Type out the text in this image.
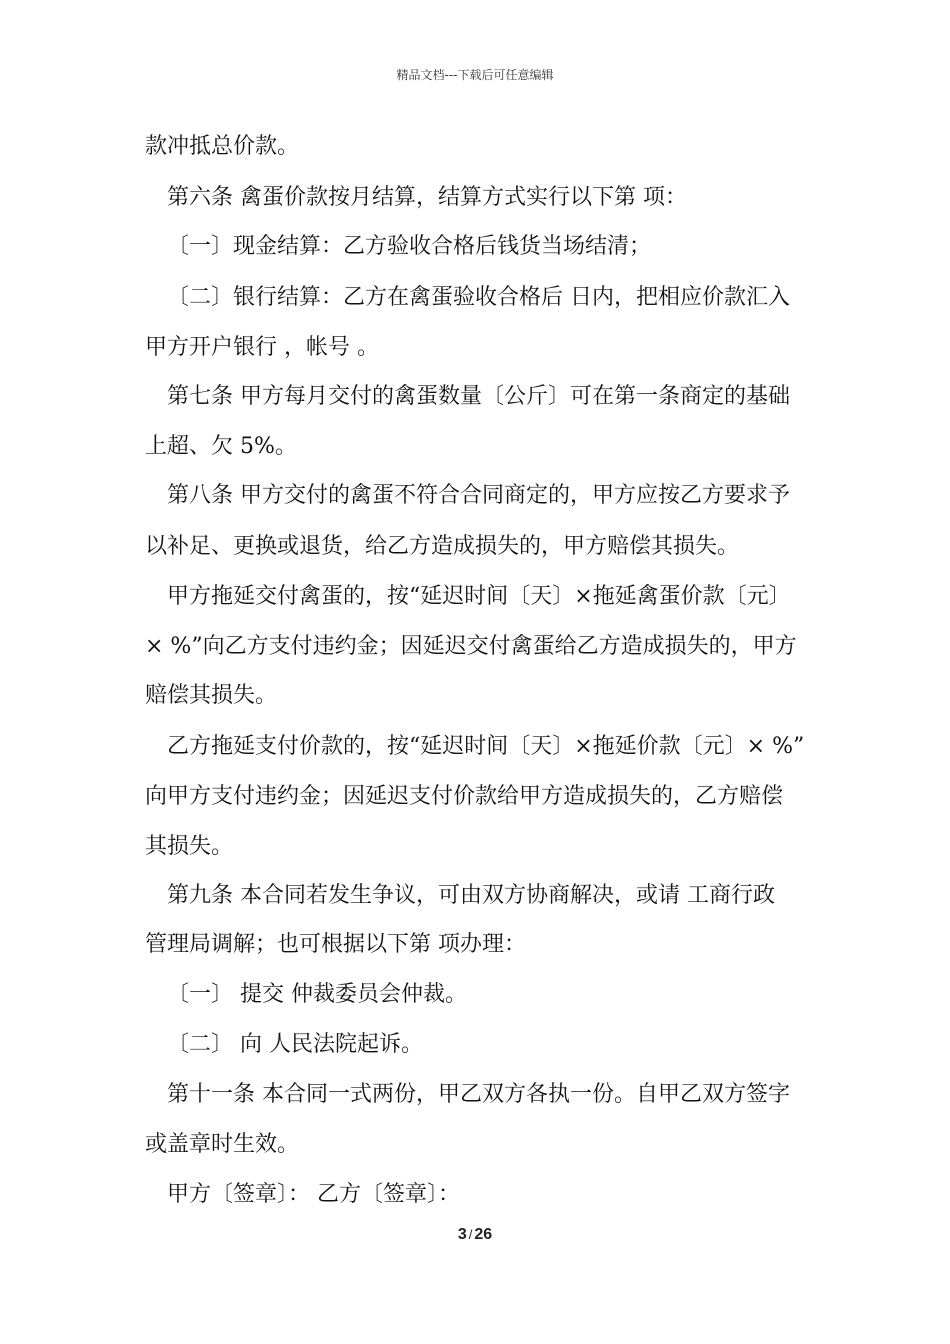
精品文档---下载后可任意编辑
款冲抵总价款。
第六条 禽蛋价款按月结算，结算方式实行以下第 项：
〔一〕现金结算：乙方验收合格后钱货当场结清；
〔二〕银行结算：乙方在禽蛋验收合格后 日内，把相应价款汇入
甲方开户银行 ，帐号 。
第七条 甲方每月交付的禽蛋数量〔公斤〕可在第一条商定的基础
上超、欠 5%。
第八条 甲方交付的禽蛋不符合合同商定的，甲方应按乙方要求予
以补足、更换或退货，给乙方造成损失的，甲方赔偿其损失。
甲方拖延交付禽蛋的，按“延迟时间〔天〕×拖延禽蛋价款〔元〕
× %”向乙方支付违约金；因延迟交付禽蛋给乙方造成损失的，甲方
赔偿其损失。
乙方拖延支付价款的，按“延迟时间〔天〕×拖延价款〔元〕× %”
向甲方支付违约金；因延迟支付价款给甲方造成损失的，乙方赔偿
其损失。
第九条 本合同若发生争议，可由双方协商解决，或请 工商行政
管理局调解；也可根据以下第 项办理：
〔一〕 提交 仲裁委员会仲裁。
〔二〕 向 人民法院起诉。
第十一条 本合同一式两份，甲乙双方各执一份。自甲乙双方签字
或盖章时生效。
甲方〔签章〕： 乙方〔签章〕：
3 / 26
